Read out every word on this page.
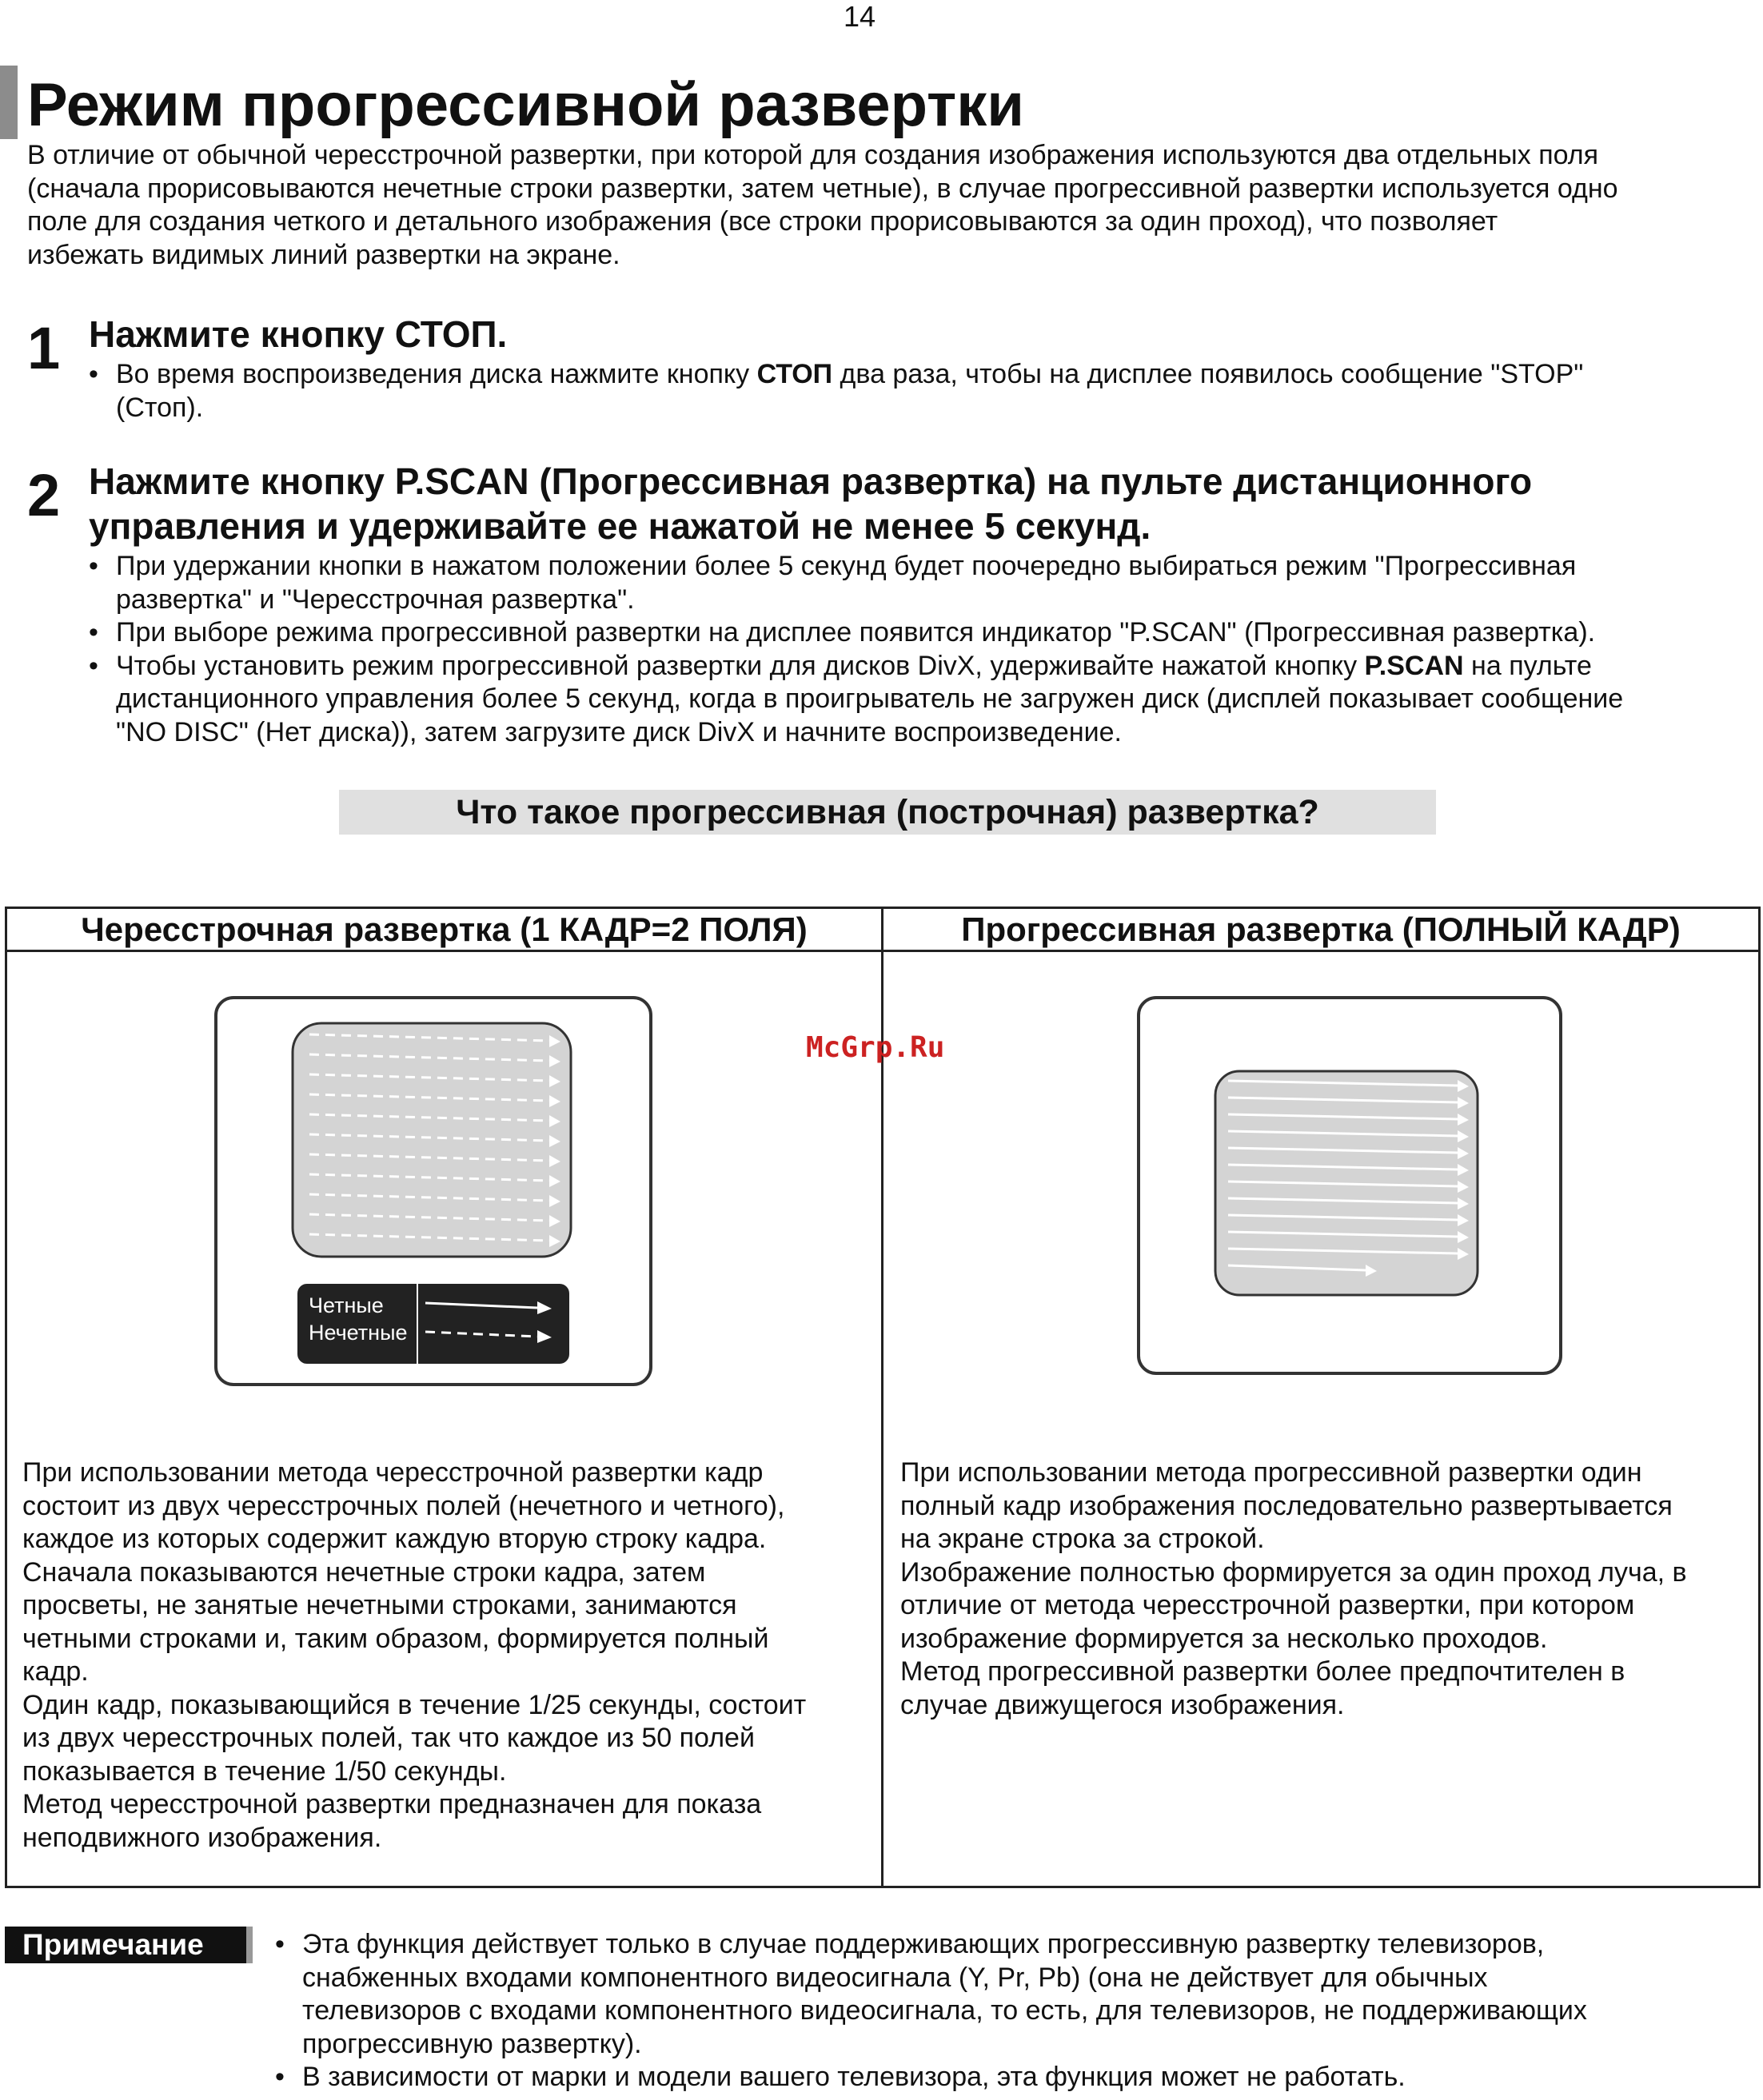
14
Режим прогрессивной развертки
В отличие от обычной чересстрочной развертки, при которой для создания изображения используются два отдельных поля
(сначала прорисовываются нечетные строки развертки, затем четные), в случае прогрессивной развертки используется одно
поле для создания четкого и детального изображения (все строки прорисовываются за один проход), что позволяет
избежать видимых линий развертки на экране.
1 Нажмите кнопку СТОП.
• Во время воспроизведения диска нажмите кнопку СТОП два раза, чтобы на дисплее появилось сообщение "STOP"
(Стоп).
2 Нажмите кнопку P.SCAN (Прогрессивная развертка) на пульте дистанционного
управления и удерживайте ее нажатой не менее 5 секунд.
• При удержании кнопки в нажатом положении более 5 секунд будет поочередно выбираться режим "Прогрессивная
развертка" и "Чересстрочная развертка".
• При выборе режима прогрессивной развертки на дисплее появится индикатор "P.SCAN" (Прогрессивная развертка).
• Чтобы установить режим прогрессивной развертки для дисков DivX, удерживайте нажатой кнопку P.SCAN на пульте
дистанционного управления более 5 секунд, когда в проигрыватель не загружен диск (дисплей показывает сообщение
"NO DISC" (Нет диска)), затем загрузите диск DivX и начните воспроизведение.
Что такое прогрессивная (построчная) развертка?
Чересстрочная развертка (1 КАДР=2 ПОЛЯ)	Прогрессивная развертка (ПОЛНЫЙ КАДР)
Четные
Нечетные
McGrp.Ru
При использовании метода чересстрочной развертки кадр
состоит из двух чересстрочных полей (нечетного и четного),
каждое из которых содержит каждую вторую строку кадра.
Сначала показываются нечетные строки кадра, затем
просветы, не занятые нечетными строками, занимаются
четными строками и, таким образом, формируется полный
кадр.
Один кадр, показывающийся в течение 1/25 секунды, состоит
из двух чересстрочных полей, так что каждое из 50 полей
показывается в течение 1/50 секунды.
Метод чересстрочной развертки предназначен для показа
неподвижного изображения.
При использовании метода прогрессивной развертки один
полный кадр изображения последовательно развертывается
на экране строка за строкой.
Изображение полностью формируется за один проход луча, в
отличие от метода чересстрочной развертки, при котором
изображение формируется за несколько проходов.
Метод прогрессивной развертки более предпочтителен в
случае движущегося изображения.
Примечание
•	Эта функция действует только в случае поддерживающих прогрессивную развертку телевизоров,
снабженных входами компонентного видеосигнала (Y, Pr, Pb) (она не действует для обычных
телевизоров с входами компонентного видеосигнала, то есть, для телевизоров, не поддерживающих
прогрессивную развертку).
• В зависимости от марки и модели вашего телевизора, эта функция может не работать.
